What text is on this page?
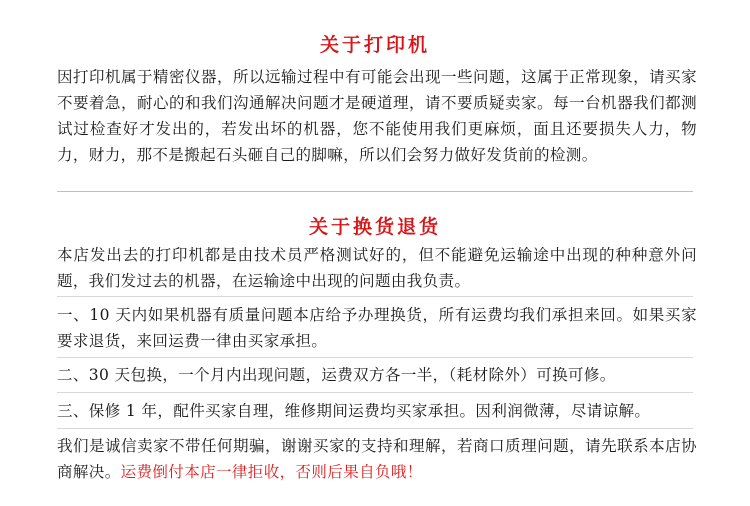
关于打印机
因打印机属于精密仪器，所以远输过程中有可能会出现一些问题，这属于正常现象，请买家不要着急，耐心的和我们沟通解决问题才是硬道理，请不要质疑卖家。每一台机器我们都测试过检查好才发出的，若发出坏的机器，您不能使用我们更麻烦，面且还要损失人力，物力，财力，那不是搬起石头砸自己的脚嘛，所以们会努力做好发货前的检测。
关于换货退货
本店发出去的打印机都是由技术员严格测试好的，但不能避免运输途中出现的种种意外问题，我们发过去的机器，在运输途中出现的问题由我负责。
一、10 天内如果机器有质量问题本店给予办理换货，所有运费均我们承担来回。如果买家要求退货，来回运费一律由买家承担。
二、30 天包换，一个月内出现问题，运费双方各一半，（耗材除外）可换可修。
三、保修 1 年，配件买家自理，维修期间运费均买家承担。因利润微薄，尽请谅解。
我们是诚信卖家不带任何期骗，谢谢买家的支持和理解，若商口质理问题，请先联系本店协商解决。运费倒付本店一律拒收，否则后果自负哦！
